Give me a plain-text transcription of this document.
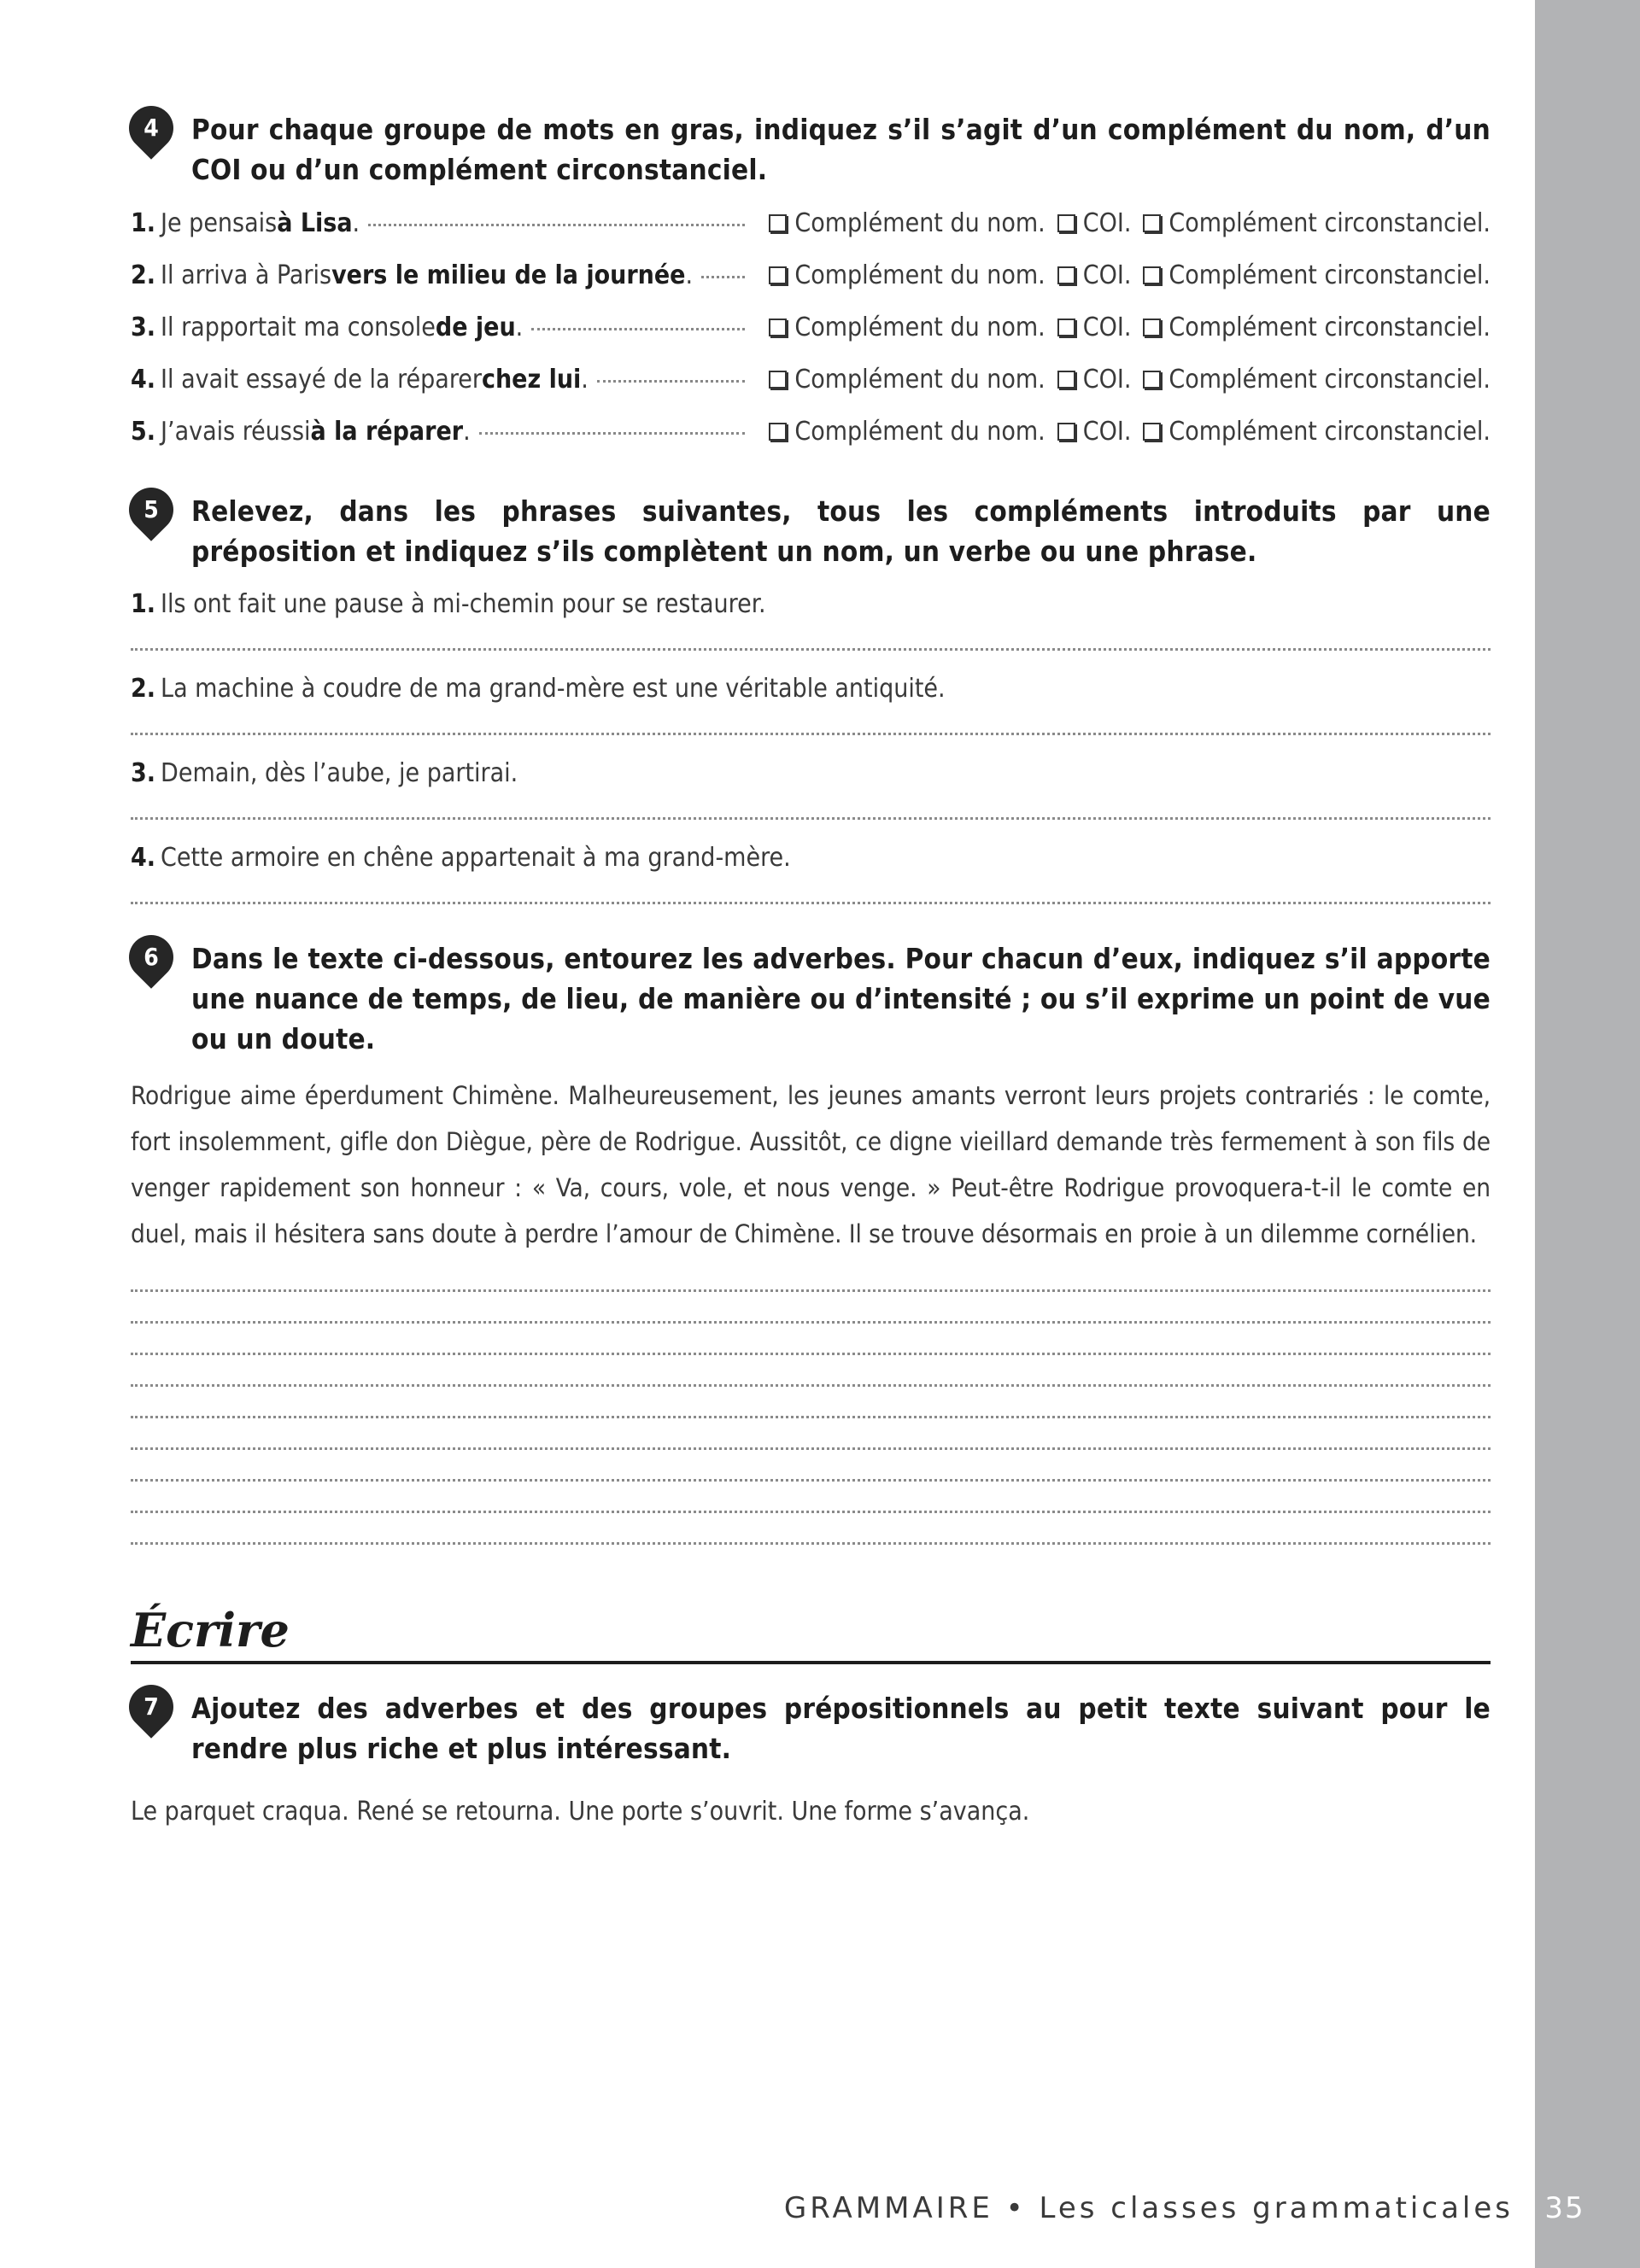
4	Pour chaque groupe de mots en gras, indiquez s’il s’agit d’un complément du nom, d’un COI ou d’un complément circonstanciel.
1. Je pensais à Lisa .	Complément du nom. COI. Complément circonstanciel.
2. Il arriva à Paris vers le milieu de la journée .	Complément du nom. COI. Complément circonstanciel.
3. Il rapportait ma console de jeu .	Complément du nom. COI. Complément circonstanciel.
4. Il avait essayé de la réparer chez lui .	Complément du nom. COI. Complément circonstanciel.
5. J’avais réussi à la réparer .	Complément du nom. COI. Complément circonstanciel.
5	Relevez, dans les phrases suivantes, tous les compléments introduits par une préposition et indiquez s’ils complètent un nom, un verbe ou une phrase.
1. Ils ont fait une pause à mi-chemin pour se restaurer.
2. La machine à coudre de ma grand-mère est une véritable antiquité.
3. Demain, dès l’aube, je partirai.
4. Cette armoire en chêne appartenait à ma grand-mère.
6	Dans le texte ci-dessous, entourez les adverbes. Pour chacun d’eux, indiquez s’il apporte une nuance de temps, de lieu, de manière ou d’intensité ; ou s’il exprime un point de vue ou un doute.
Rodrigue aime éperdument Chimène. Malheureusement, les jeunes amants verront leurs projets contrariés : le comte, fort insolemment, gifle don Diègue, père de Rodrigue. Aussitôt, ce digne vieillard demande très fermement à son fils de venger rapidement son honneur : « Va, cours, vole, et nous venge. » Peut-être Rodrigue provoquera-t-il le comte en duel, mais il hésitera sans doute à perdre l’amour de Chimène. Il se trouve désormais en proie à un dilemme cornélien.
Écrire
7	Ajoutez des adverbes et des groupes prépositionnels au petit texte suivant pour le rendre plus riche et plus intéressant.
Le parquet craqua. René se retourna. Une porte s’ouvrit. Une forme s’avança.
GRAMMAIRE • Les classes grammaticales	35
